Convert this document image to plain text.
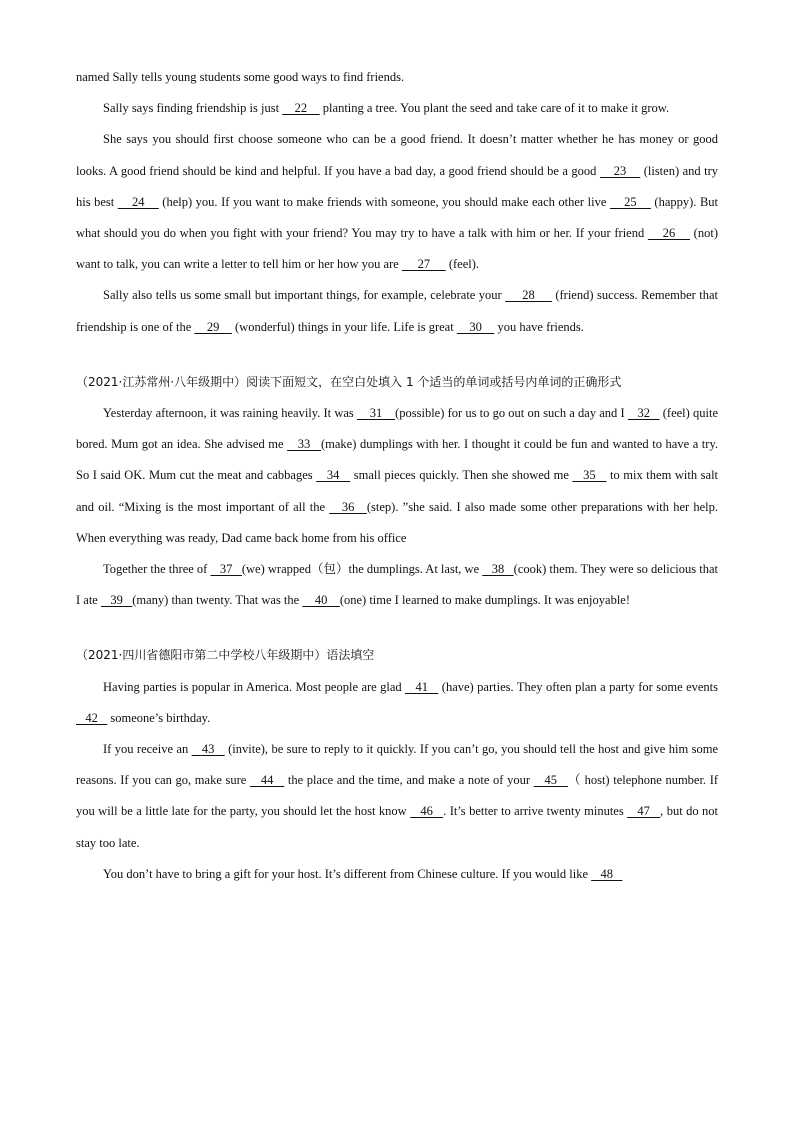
named Sally tells young students some good ways to find friends.

Sally says finding friendship is just     22     planting a tree. You plant the seed and take care of it to make it grow.

She says you should first choose someone who can be a good friend. It doesn’t matter whether he has money or good looks. A good friend should be kind and helpful. If you have a bad day, a good friend should be a good     23     (listen) and try his best     24     (help) you. If you want to make friends with someone, you should make each other live     25     (happy). But what should you do when you fight with your friend? You may try to have a talk with him or her. If your friend     26     (not) want to talk, you can write a letter to tell him or her how you are      27      (feel).

Sally also tells us some small but important things, for example, celebrate your      28      (friend) success. Remember that friendship is one of the     29     (wonderful) things in your life. Life is great     30     you have friends.

（2021·江苏常州·八年级期中）阅读下面短文，在空白处填入 1 个适当的单词或括号内单词的正确形式

Yesterday afternoon, it was raining heavily. It was     31    (possible) for us to go out on such a day and I    32    (feel) quite bored. Mum got an idea. She advised me    33   (make) dumplings with her. I thought it could be fun and wanted to have a try. So I said OK. Mum cut the meat and cabbages    34    small pieces quickly. Then she showed me    35    to mix them with salt and oil. “Mixing is the most important of all the    36   (step). ”she said. I also made some other preparations with her help. When everything was ready, Dad came back home from his office

Together the three of    37   (we) wrapped（包）the dumplings. At last, we    38   (cook) them. They were so delicious that I ate    39   (many) than twenty. That was the     40    (one) time I learned to make dumplings. It was enjoyable!

（2021·四川省德阳市第二中学校八年级期中）语法填空

Having parties is popular in America. Most people are glad    41    (have) parties. They often plan a party for some events    42    someone’s birthday.

If you receive an    43    (invite), be sure to reply to it quickly. If you can’t go, you should tell the host and give him some reasons. If you can go, make sure    44    the place and the time, and make a note of your    45   （ host) telephone number. If you will be a little late for the party, you should let the host know    46   . It’s better to arrive twenty minutes    47   , but do not stay too late.

You don’t have to bring a gift for your host. It’s different from Chinese culture. If you would like    48
